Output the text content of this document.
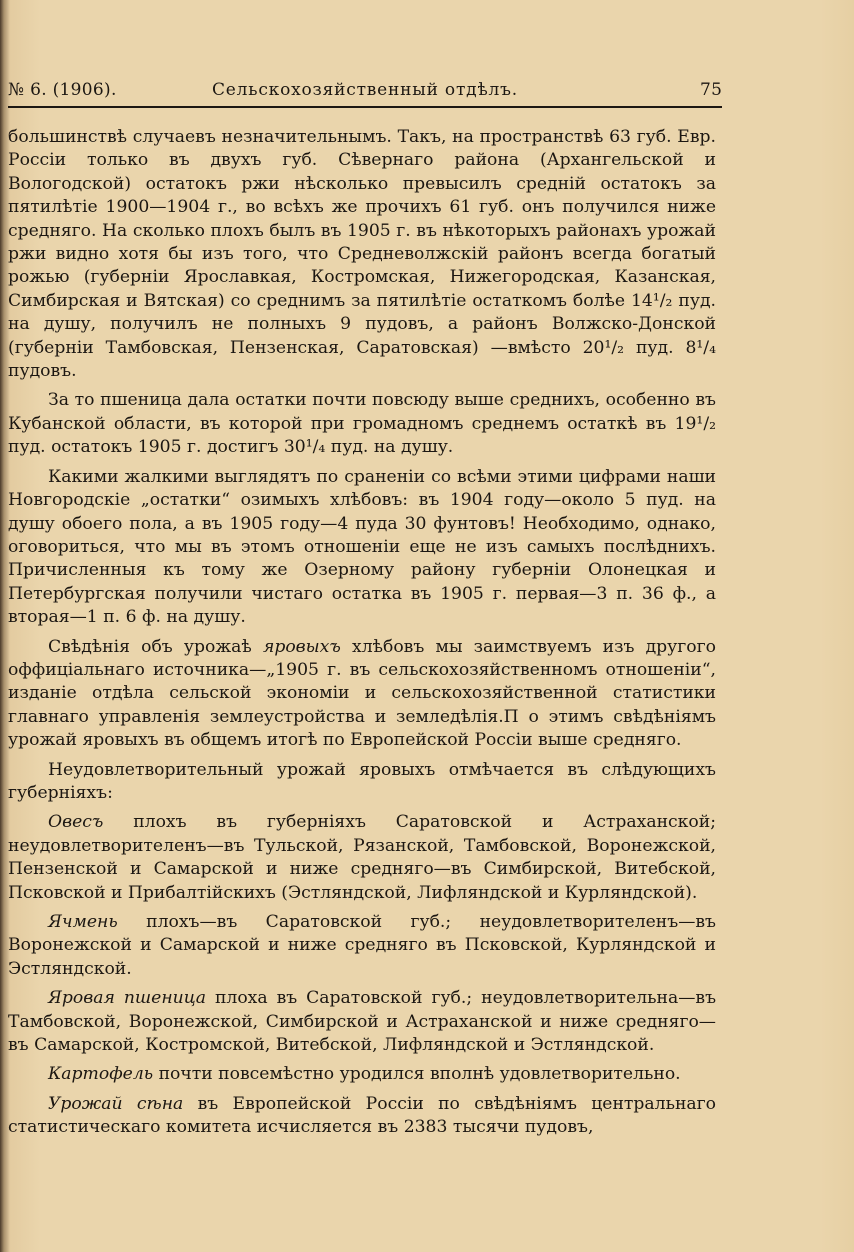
№ 6. (1906).	Сельскохозяйственный отдѣлъ.	75

большинствѣ случаевъ незначительнымъ. Такъ, на пространствѣ 63 губ. Евр. Россіи только въ двухъ губ. Сѣвернаго района (Архангельской и Вологодской) остатокъ ржи нѣсколько превысилъ средній остатокъ за пятилѣтіе 1900—1904 г., во всѣхъ же прочихъ 61 губ. онъ получился ниже средняго. На сколько плохъ былъ въ 1905 г. въ нѣкоторыхъ районахъ урожай ржи видно хотя бы изъ того, что Средневолжскій районъ всегда богатый рожью (губерніи Ярославкая, Костромская, Нижегородская, Казанская, Симбирская и Вятская) со среднимъ за пятилѣтіе остаткомъ болѣе 14¹/₂ пуд. на душу, получилъ не полныхъ 9 пудовъ, а районъ Волжско-Донской (губерніи Тамбовская, Пензенская, Саратовская) —вмѣсто 20¹/₂ пуд. 8¹/₄ пудовъ.

За то пшеница дала остатки почти повсюду выше среднихъ, особенно въ Кубанской области, въ которой при громадномъ среднемъ остаткѣ въ 19¹/₂ пуд. остатокъ 1905 г. достигъ 30¹/₄ пуд. на душу.

Какими жалкими выглядятъ по сраненіи со всѣми этими цифрами наши Новгородскіе „остатки“ озимыхъ хлѣбовъ: въ 1904 году—около 5 пуд. на душу обоего пола, а въ 1905 году—4 пуда 30 фунтовъ! Необходимо, однако, оговориться, что мы въ этомъ отношеніи еще не изъ самыхъ послѣднихъ. Причисленныя къ тому же Озерному району губерніи Олонецкая и Петербургская получили чистаго остатка въ 1905 г. первая—3 п. 36 ф., а вторая—1 п. 6 ф. на душу.

Свѣдѣнія объ урожаѣ яровыхъ хлѣбовъ мы заимствуемъ изъ другого оффиціальнаго источника—„1905 г. въ сельскохозяйственномъ отношеніи“, изданіе отдѣла сельской экономіи и сельскохозяйственной статистики главнаго управленія землеустройства и земледѣлія.П о этимъ свѣдѣніямъ урожай яровыхъ въ общемъ итогѣ по Европейской Россіи выше средняго.

Неудовлетворительный урожай яровыхъ отмѣчается въ слѣдующихъ губерніяхъ:

Овесъ плохъ въ губерніяхъ Саратовской и Астраханской; неудовлетворителенъ—въ Тульской, Рязанской, Тамбовской, Воронежской, Пензенской и Самарской и ниже средняго—въ Симбирской, Витебской, Псковской и Прибалтійскихъ (Эстляндской, Лифляндской и Курляндской).

Ячмень плохъ—въ Саратовской губ.; неудовлетворителенъ—въ Воронежской и Самарской и ниже средняго въ Псковской, Курляндской и Эстляндской.

Яровая пшеница плоха въ Саратовской губ.; неудовлетворительна—въ Тамбовской, Воронежской, Симбирской и Астраханской и ниже средняго—въ Самарской, Костромской, Витебской, Лифляндской и Эстляндской.

Картофель почти повсемѣстно уродился вполнѣ удовлетворительно.

Урожай сѣна въ Европейской Россіи по свѣдѣніямъ центральнаго статистическаго комитета исчисляется въ 2383 тысячи пудовъ,
